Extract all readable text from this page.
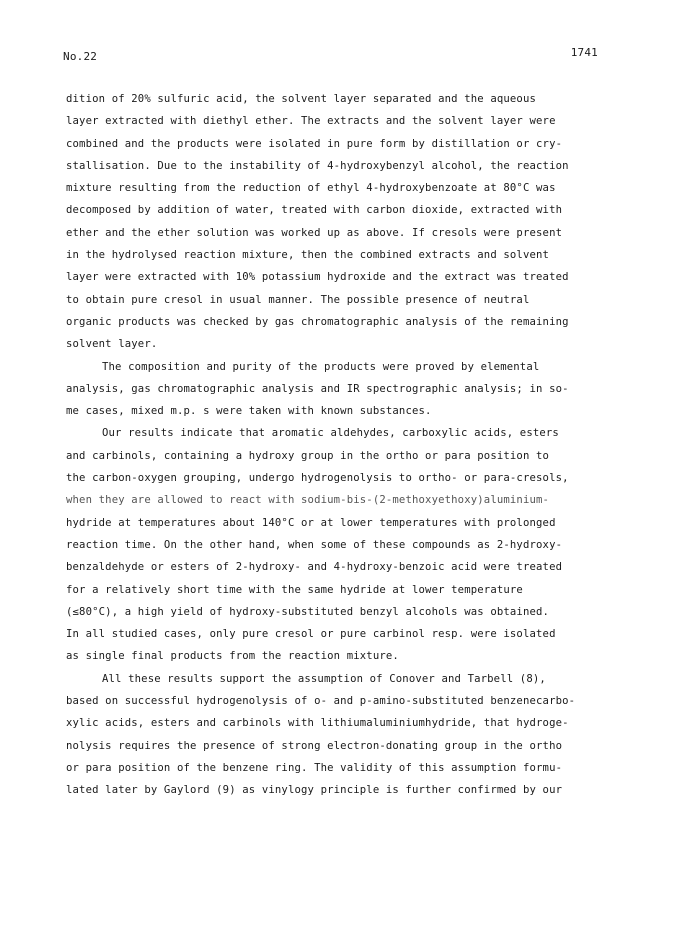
No.22	1741
dition of 20% sulfuric acid, the solvent layer separated and the aqueous
layer extracted with diethyl ether. The extracts and the solvent layer were
combined and the products were isolated in pure form by distillation or cry-
stallisation. Due to the instability of 4-hydroxybenzyl alcohol, the reaction
mixture resulting from the reduction of ethyl 4-hydroxybenzoate at 80°C was
decomposed by addition of water, treated with carbon dioxide, extracted with
ether and the ether solution was worked up as above. If cresols were present
in the hydrolysed reaction mixture, then the combined extracts and solvent
layer were extracted with 10% potassium hydroxide and the extract was treated
to obtain pure cresol in usual manner. The possible presence of neutral
organic products was checked by gas chromatographic analysis of the remaining
solvent layer.
The composition and purity of the products were proved by elemental
analysis, gas chromatographic analysis and IR spectrographic analysis; in so-
me cases, mixed m.p. s were taken with known substances.
Our results indicate that aromatic aldehydes, carboxylic acids, esters
and carbinols, containing a hydroxy group in the ortho or para position to
the carbon-oxygen grouping, undergo hydrogenolysis to ortho- or para-cresols,
when they are allowed to react with sodium-bis-(2-methoxyethoxy)aluminium-
hydride at temperatures about 140°C or at lower temperatures with prolonged
reaction time. On the other hand, when some of these compounds as 2-hydroxy-
benzaldehyde or esters of 2-hydroxy- and 4-hydroxy-benzoic acid were treated
for a relatively short time with the same hydride at lower temperature
(≤80°C), a high yield of hydroxy-substituted benzyl alcohols was obtained.
In all studied cases, only pure cresol or pure carbinol resp. were isolated
as single final products from the reaction mixture.
All these results support the assumption of Conover and Tarbell (8),
based on successful hydrogenolysis of o- and p-amino-substituted benzenecarbo-
xylic acids, esters and carbinols with lithiumaluminiumhydride, that hydroge-
nolysis requires the presence of strong electron-donating group in the ortho
or para position of the benzene ring. The validity of this assumption formu-
lated later by Gaylord (9) as vinylogy principle is further confirmed by our
